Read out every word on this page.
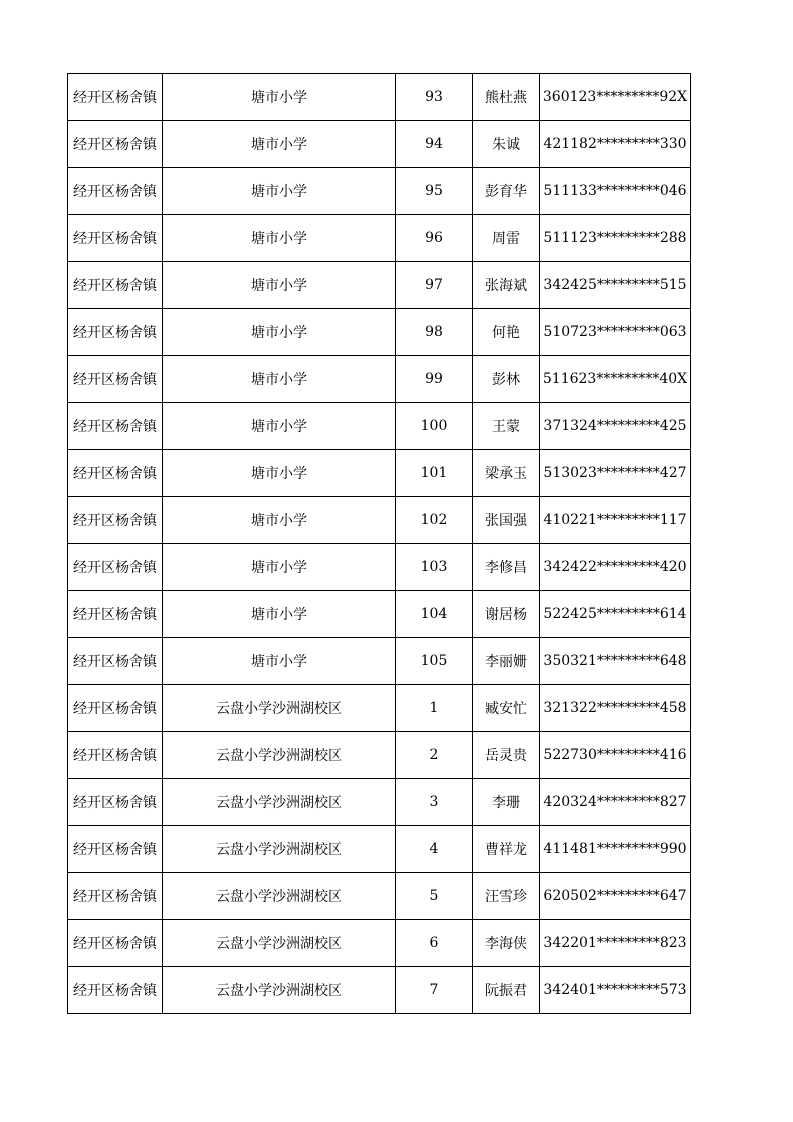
经开区杨舍镇	塘市小学	93	熊杜燕	360123*********92X
经开区杨舍镇	塘市小学	94	朱诚	421182*********330
经开区杨舍镇	塘市小学	95	彭育华	511133*********046
经开区杨舍镇	塘市小学	96	周雷	511123*********288
经开区杨舍镇	塘市小学	97	张海斌	342425*********515
经开区杨舍镇	塘市小学	98	何艳	510723*********063
经开区杨舍镇	塘市小学	99	彭林	511623*********40X
经开区杨舍镇	塘市小学	100	王蒙	371324*********425
经开区杨舍镇	塘市小学	101	梁承玉	513023*********427
经开区杨舍镇	塘市小学	102	张国强	410221*********117
经开区杨舍镇	塘市小学	103	李修昌	342422*********420
经开区杨舍镇	塘市小学	104	谢居杨	522425*********614
经开区杨舍镇	塘市小学	105	李丽姗	350321*********648
经开区杨舍镇	云盘小学沙洲湖校区	1	臧安忙	321322*********458
经开区杨舍镇	云盘小学沙洲湖校区	2	岳灵贵	522730*********416
经开区杨舍镇	云盘小学沙洲湖校区	3	李珊	420324*********827
经开区杨舍镇	云盘小学沙洲湖校区	4	曹祥龙	411481*********990
经开区杨舍镇	云盘小学沙洲湖校区	5	汪雪珍	620502*********647
经开区杨舍镇	云盘小学沙洲湖校区	6	李海侠	342201*********823
经开区杨舍镇	云盘小学沙洲湖校区	7	阮振君	342401*********573
